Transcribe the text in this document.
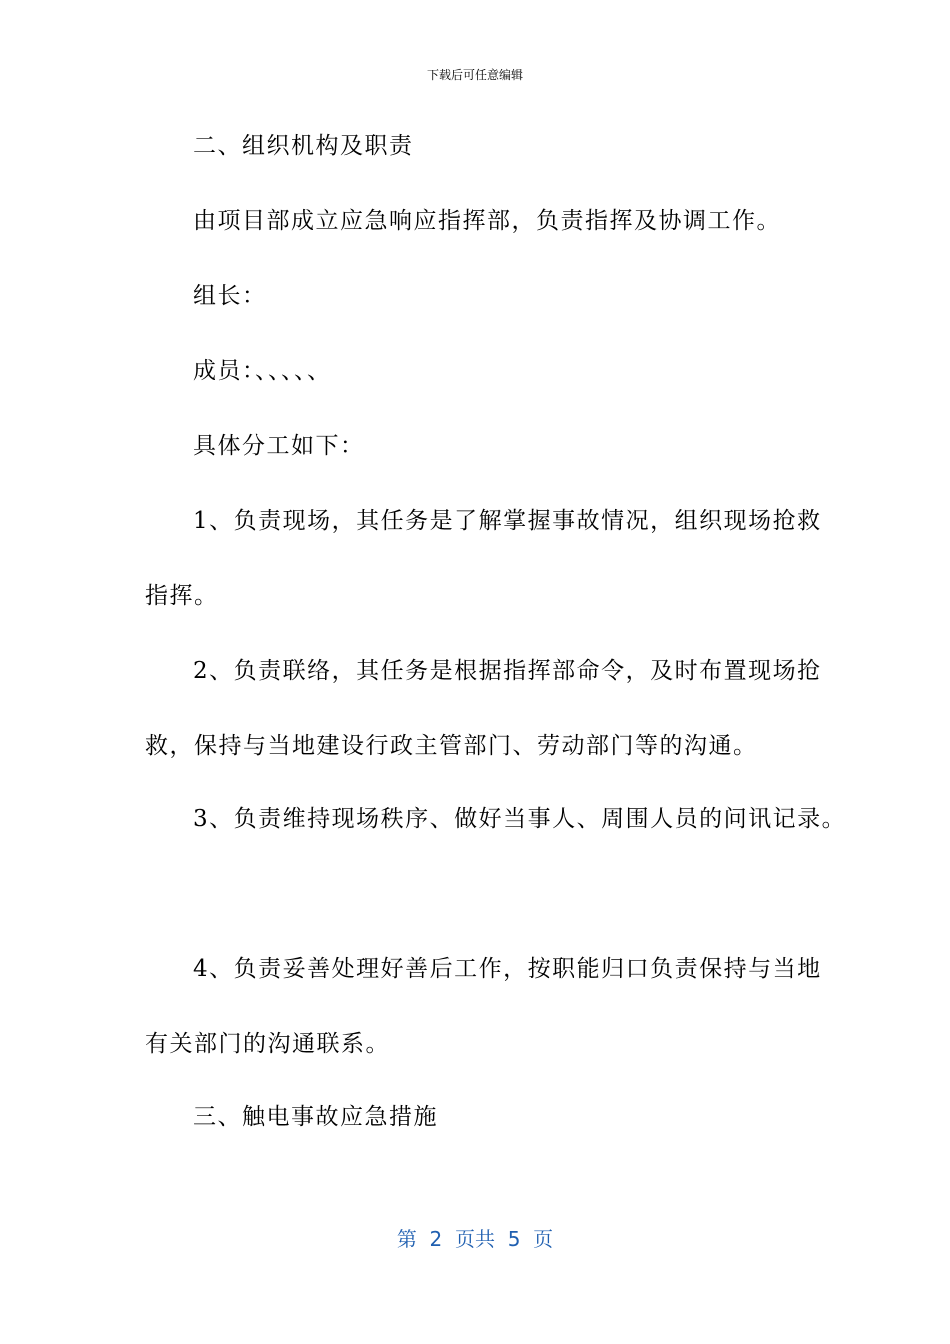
下载后可任意编辑

二、组织机构及职责

由项目部成立应急响应指挥部，负责指挥及协调工作。

组长：

成员：、、、、、

具体分工如下：

1、负责现场，其任务是了解掌握事故情况，组织现场抢救

指挥。

2、负责联络，其任务是根据指挥部命令，及时布置现场抢

救，保持与当地建设行政主管部门、劳动部门等的沟通。

3、负责维持现场秩序、做好当事人、周围人员的问讯记录。

4、负责妥善处理好善后工作，按职能归口负责保持与当地

有关部门的沟通联系。

三、触电事故应急措施

第  2  页共  5  页
